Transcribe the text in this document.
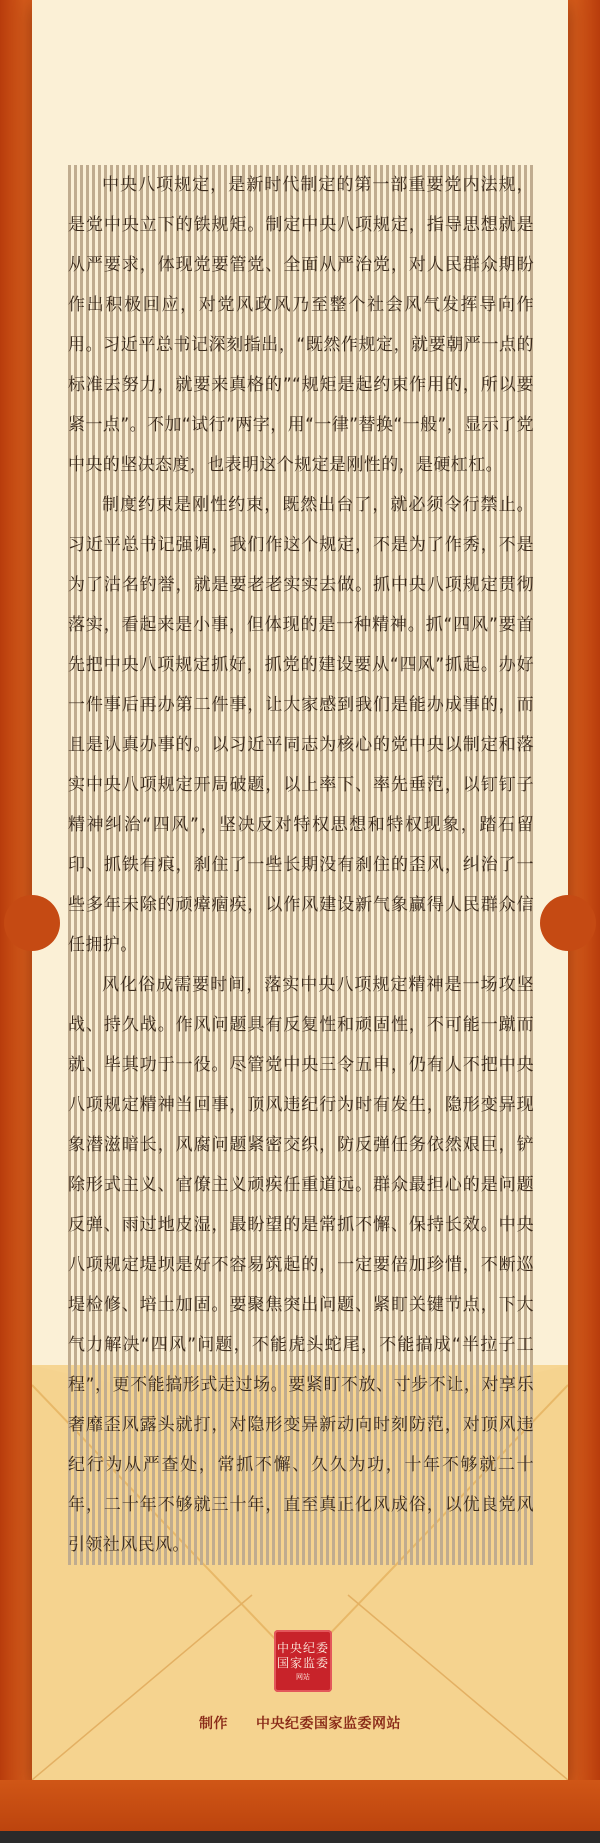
中央八项规定，是新时代制定的第一部重要党内法规，是党中央立下的铁规矩。制定中央八项规定，指导思想就是从严要求，体现党要管党、全面从严治党，对人民群众期盼作出积极回应，对党风政风乃至整个社会风气发挥导向作用。习近平总书记深刻指出，“既然作规定，就要朝严一点的标准去努力，就要来真格的”“规矩是起约束作用的，所以要紧一点”。不加“试行”两字，用“一律”替换“一般”，显示了党中央的坚决态度，也表明这个规定是刚性的，是硬杠杠。

制度约束是刚性约束，既然出台了，就必须令行禁止。习近平总书记强调，我们作这个规定，不是为了作秀，不是为了沽名钓誉，就是要老老实实去做。抓中央八项规定贯彻落实，看起来是小事，但体现的是一种精神。抓“四风”要首先把中央八项规定抓好，抓党的建设要从“四风”抓起。办好一件事后再办第二件事，让大家感到我们是能办成事的，而且是认真办事的。以习近平同志为核心的党中央以制定和落实中央八项规定开局破题，以上率下、率先垂范，以钉钉子精神纠治“四风”，坚决反对特权思想和特权现象，踏石留印、抓铁有痕，刹住了一些长期没有刹住的歪风，纠治了一些多年未除的顽瘴痼疾，以作风建设新气象赢得人民群众信任拥护。

风化俗成需要时间，落实中央八项规定精神是一场攻坚战、持久战。作风问题具有反复性和顽固性，不可能一蹴而就、毕其功于一役。尽管党中央三令五申，仍有人不把中央八项规定精神当回事，顶风违纪行为时有发生，隐形变异现象潜滋暗长，风腐问题紧密交织，防反弹任务依然艰巨，铲除形式主义、官僚主义顽疾任重道远。群众最担心的是问题反弹、雨过地皮湿，最盼望的是常抓不懈、保持长效。中央八项规定堤坝是好不容易筑起的，一定要倍加珍惜，不断巡堤检修、培土加固。要聚焦突出问题、紧盯关键节点，下大气力解决“四风”问题，不能虎头蛇尾，不能搞成“半拉子工程”，更不能搞形式走过场。要紧盯不放、寸步不让，对享乐奢靡歪风露头就打，对隐形变异新动向时刻防范，对顶风违纪行为从严查处，常抓不懈、久久为功，十年不够就二十年，二十年不够就三十年，直至真正化风成俗，以优良党风引领社风民风。

中央纪委
国家监委
网站
制作 中央纪委国家监委网站
